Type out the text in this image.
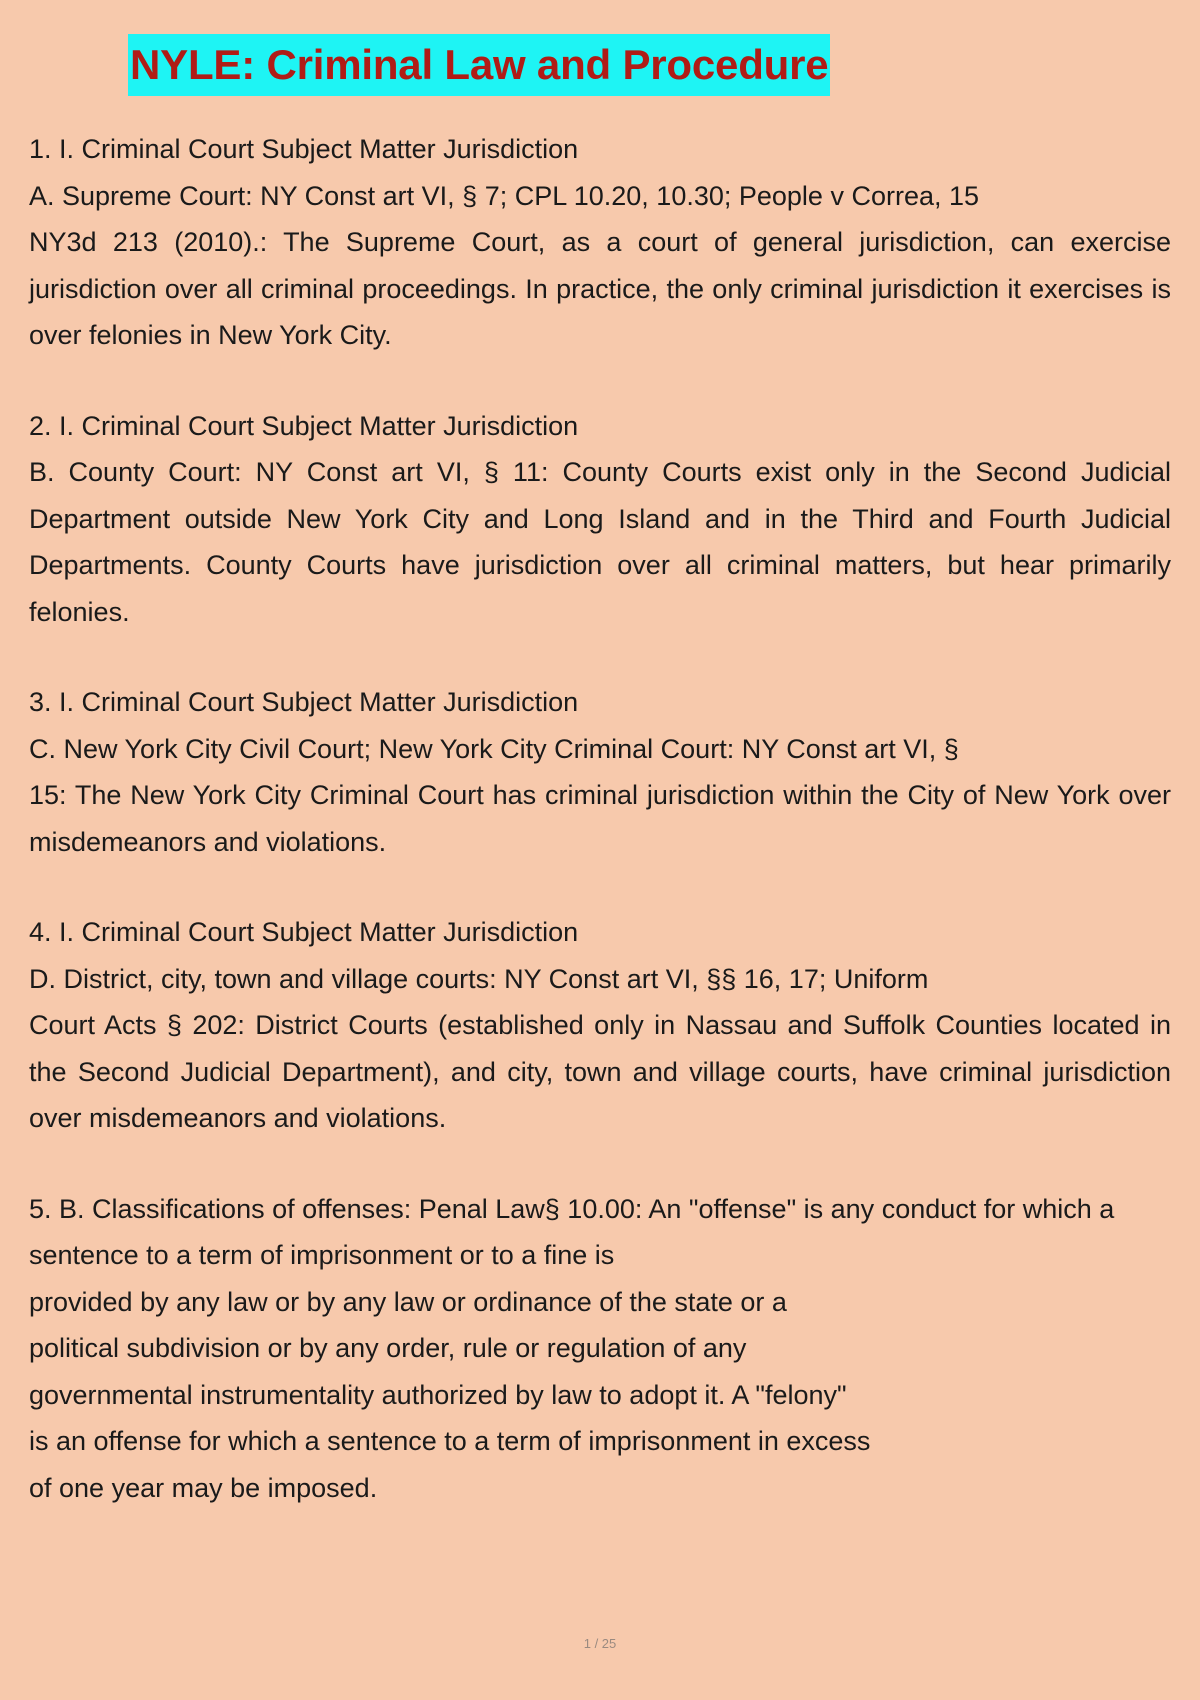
NYLE: Criminal Law and Procedure

1. I. Criminal Court Subject Matter Jurisdiction

A. Supreme Court: NY Const art VI, § 7; CPL 10.20, 10.30; People v Correa, 15

NY3d 213 (2010).: The Supreme Court, as a court of general jurisdiction, can exercise jurisdiction over all criminal proceedings. In practice, the only criminal jurisdiction it exercises is over felonies in New York City.

2. I. Criminal Court Subject Matter Jurisdiction

B. County Court: NY Const art VI, § 11: County Courts exist only in the Second Judicial Department outside New York City and Long Island and in the Third and Fourth Judicial Departments. County Courts have jurisdiction over all criminal matters, but hear primarily felonies.

3. I. Criminal Court Subject Matter Jurisdiction

C. New York City Civil Court; New York City Criminal Court: NY Const art VI, §

15: The New York City Criminal Court has criminal jurisdiction within the City of New York over misdemeanors and violations.

4. I. Criminal Court Subject Matter Jurisdiction

D. District, city, town and village courts: NY Const art VI, §§ 16, 17; Uniform

Court Acts § 202: District Courts (established only in Nassau and Suffolk Counties located in the Second Judicial Department), and city, town and village courts, have criminal jurisdiction over misdemeanors and violations.

5. B. Classifications of offenses: Penal Law§ 10.00: An "offense" is any conduct for which a

sentence to a term of imprisonment or to a fine is

provided by any law or by any law or ordinance of the state or a

political subdivision or by any order, rule or regulation of any

governmental instrumentality authorized by law to adopt it. A "felony"

is an offense for which a sentence to a term of imprisonment in excess

of one year may be imposed.

1 / 25
